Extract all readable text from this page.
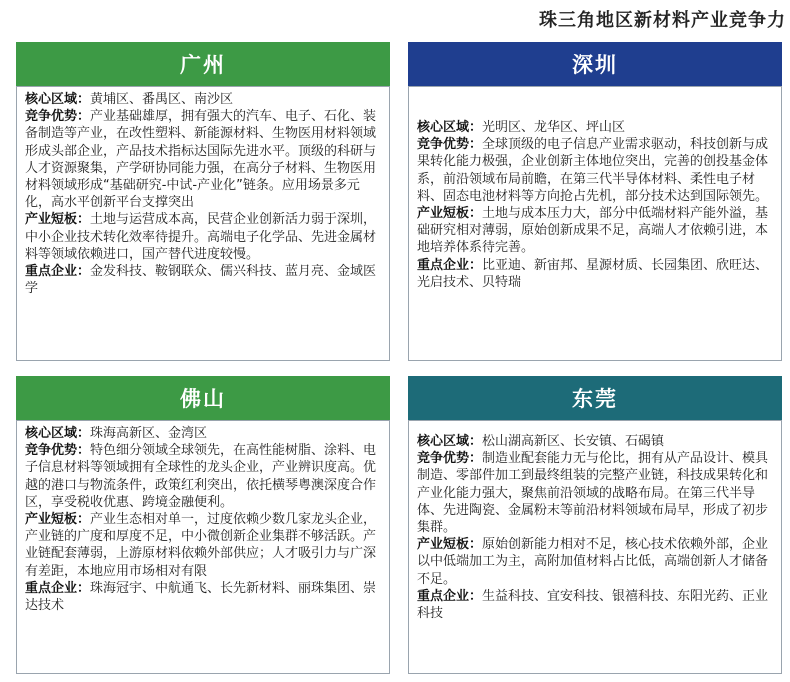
珠三角地区新材料产业竞争力
广州

核心区域：黄埔区、番禺区、南沙区

竞争优势：产业基础雄厚，拥有强大的汽车、电子、石化、装备制造等产业，在改性塑料、新能源材料、生物医用材料领域形成头部企业，产品技术指标达国际先进水平。顶级的科研与人才资源聚集，产学研协同能力强，在高分子材料、生物医用材料领域形成“基础研究-中试-产业化”链条。应用场景多元化，高水平创新平台支撑突出

产业短板：土地与运营成本高，民营企业创新活力弱于深圳，中小企业技术转化效率待提升。高端电子化学品、先进金属材料等领域依赖进口，国产替代进度较慢。

重点企业：金发科技、鞍钢联众、儒兴科技、蓝月亮、金域医学

深圳

核心区域：光明区、龙华区、坪山区

竞争优势：全球顶级的电子信息产业需求驱动，科技创新与成果转化能力极强，企业创新主体地位突出，完善的创投基金体系，前沿领域布局前瞻，在第三代半导体材料、柔性电子材料、固态电池材料等方向抢占先机，部分技术达到国际领先。

产业短板：土地与成本压力大，部分中低端材料产能外溢，基础研究相对薄弱，原始创新成果不足，高端人才依赖引进，本地培养体系待完善。

重点企业：比亚迪、新宙邦、星源材质、长园集团、欣旺达、光启技术、贝特瑞

佛山

核心区域：珠海高新区、金湾区

竞争优势：特色细分领域全球领先，在高性能树脂、涂料、电子信息材料等领域拥有全球性的龙头企业，产业辨识度高。优越的港口与物流条件，政策红利突出，依托横琴粤澳深度合作区，享受税收优惠、跨境金融便利。

产业短板：产业生态相对单一，过度依赖少数几家龙头企业，产业链的广度和厚度不足，中小微创新企业集群不够活跃。产业链配套薄弱，上游原材料依赖外部供应；人才吸引力与广深有差距，本地应用市场相对有限

重点企业：珠海冠宇、中航通飞、长先新材料、丽珠集团、崇达技术

东莞

核心区域：松山湖高新区、长安镇、石碣镇

竞争优势：制造业配套能力无与伦比，拥有从产品设计、模具制造、零部件加工到最终组装的完整产业链，科技成果转化和产业化能力强大，聚焦前沿领域的战略布局。在第三代半导体、先进陶瓷、金属粉末等前沿材料领域布局早，形成了初步集群。

产业短板：原始创新能力相对不足，核心技术依赖外部，企业以中低端加工为主，高附加值材料占比低，高端创新人才储备不足。

重点企业：生益科技、宜安科技、银禧科技、东阳光药、正业科技
